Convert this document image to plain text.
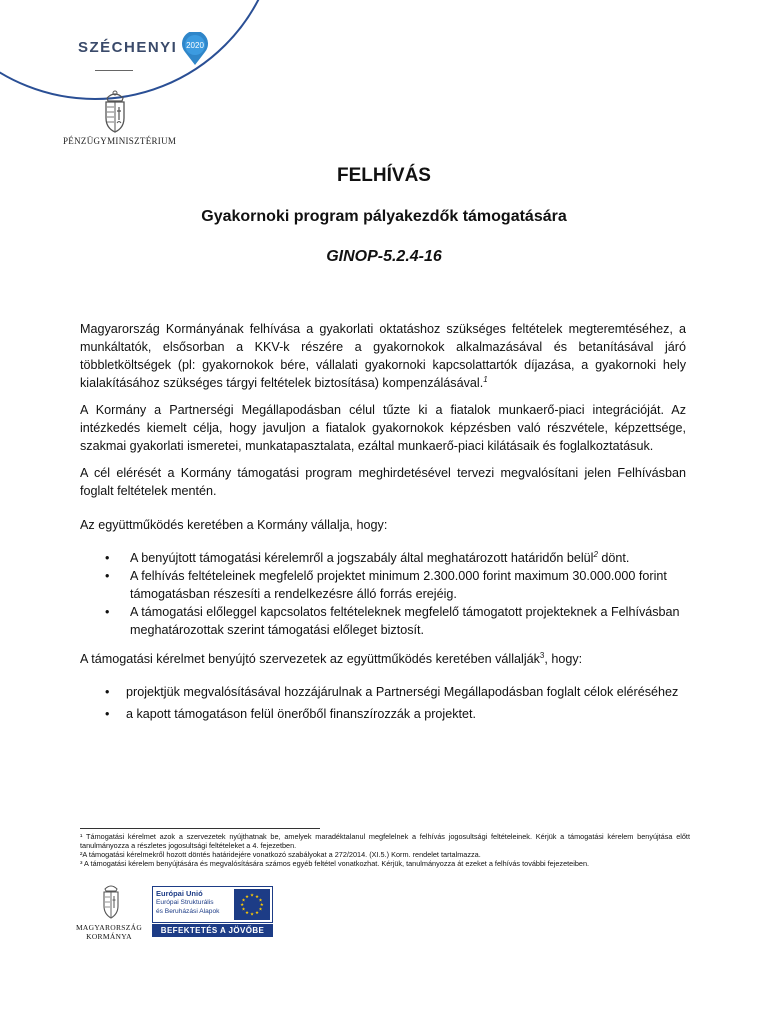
SZÉCHENYI 2020
PÉNZÜGYMINISZTÉRIUM
FELHÍVÁS
Gyakornoki program pályakezdők támogatására
GINOP-5.2.4-16

Magyarország Kormányának felhívása a gyakorlati oktatáshoz szükséges feltételek megteremtéséhez, a munkáltatók, elsősorban a KKV-k részére a gyakornokok alkalmazásával és betanításával járó többletköltségek (pl: gyakornokok bére, vállalati gyakornoki kapcsolattartók díjazása, a gyakornoki hely kialakításához szükséges tárgyi feltételek biztosítása) kompenzálásával.$^1$

A Kormány a Partnerségi Megállapodásban célul tűzte ki a fiatalok munkaerő-piaci integrációját. Az intézkedés kiemelt célja, hogy javuljon a fiatalok gyakornokok képzésben való részvétele, képzettsége, szakmai gyakorlati ismeretei, munkatapasztalata, ezáltal munkaerő-piaci kilátásaik és foglalkoztatásuk.

A cél elérését a Kormány támogatási program meghirdetésével tervezi megvalósítani jelen Felhívásban foglalt feltételek mentén.

Az együttműködés keretében a Kormány vállalja, hogy:

• A benyújtott támogatási kérelemről a jogszabály által meghatározott határidőn belül$^2$ dönt.
• A felhívás feltételeinek megfelelő projektet minimum 2.300.000 forint maximum 30.000.000 forint támogatásban részesíti a rendelkezésre álló forrás erejéig.
• A támogatási előleggel kapcsolatos feltételeknek megfelelő támogatott projekteknek a Felhívásban meghatározottak szerint támogatási előleget biztosít.

A támogatási kérelmet benyújtó szervezetek az együttműködés keretében vállalják$^3$, hogy:

• projektjük megvalósításával hozzájárulnak a Partnerségi Megállapodásban foglalt célok eléréséhez
• a kapott támogatáson felül önerőből finanszírozzák a projektet.
¹ Támogatási kérelmet azok a szervezetek nyújthatnak be, amelyek maradéktalanul megfelelnek a felhívás jogosultsági feltételeinek. Kérjük a támogatási kérelem benyújtása előtt tanulmányozza a részletes jogosultsági feltételeket a 4. fejezetben.
²A támogatási kérelmekről hozott döntés határidejére vonatkozó szabályokat a 272/2014. (XI.5.) Korm. rendelet tartalmazza.
³ A támogatási kérelem benyújtására és megvalósítására számos egyéb feltétel vonatkozhat. Kérjük, tanulmányozza át ezeket a felhívás további fejezeteiben.
MAGYARORSZÁG
KORMÁNYA
Európai Unió
Európai Strukturális
és Beruházási Alapok
★ ★
★
★
★
★
★
★
★
★
★
★
BEFEKTETÉS A JÖVŐBE
